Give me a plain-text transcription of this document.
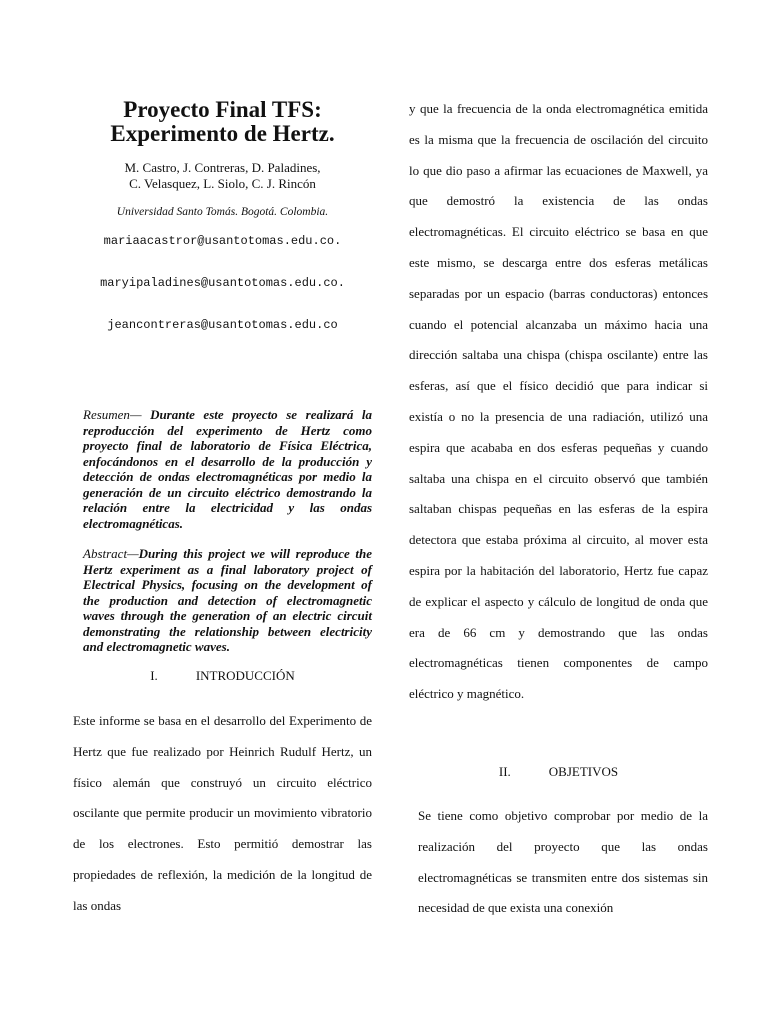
Proyecto Final TFS:
Experimento de Hertz.
M. Castro, J. Contreras, D. Paladines,
C. Velasquez, L. Siolo, C. J. Rincón
Universidad Santo Tomás. Bogotá. Colombia.
mariaacastror@usantotomas.edu.co.
maryipaladines@usantotomas.edu.co.
jeancontreras@usantotomas.edu.co

Resumen— Durante este proyecto se realizará la reproducción del experimento de Hertz como proyecto final de laboratorio de Física Eléctrica, enfocándonos en el desarrollo de la producción y detección de ondas electromagnéticas por medio la generación de un circuito eléctrico demostrando la relación entre la electricidad y las ondas electromagnéticas.

Abstract—During this project we will reproduce the Hertz experiment as a final laboratory project of Electrical Physics, focusing on the development of the production and detection of electromagnetic waves through the generation of an electric circuit demonstrating the relationship between electricity and electromagnetic waves.

I.	INTRODUCCIÓN

Este informe se basa en el desarrollo del Experimento de Hertz que fue realizado por Heinrich Rudulf Hertz, un físico alemán que construyó un circuito eléctrico oscilante que permite producir un movimiento vibratorio de los electrones. Esto permitió demostrar las propiedades de reflexión, la medición de la longitud de las ondas

y que la frecuencia de la onda electromagnética emitida es la misma que la frecuencia de oscilación del circuito lo que dio paso a afirmar las ecuaciones de Maxwell, ya que demostró la existencia de las ondas electromagnéticas. El circuito eléctrico se basa en que este mismo, se descarga entre dos esferas metálicas separadas por un espacio (barras conductoras) entonces cuando el potencial alcanzaba un máximo hacia una dirección saltaba una chispa (chispa oscilante) entre las esferas, así que el físico decidió que para indicar si existía o no la presencia de una radiación, utilizó una espira que acababa en dos esferas pequeñas y cuando saltaba una chispa en el circuito observó que también saltaban chispas pequeñas en las esferas de la espira detectora que estaba próxima al circuito, al mover esta espira por la habitación del laboratorio, Hertz fue capaz de explicar el aspecto y cálculo de longitud de onda que era de 66 cm y demostrando que las ondas electromagnéticas tienen componentes de campo eléctrico y magnético.

II.	OBJETIVOS

Se tiene como objetivo comprobar por medio de la realización del proyecto que las ondas electromagnéticas se transmiten entre dos sistemas sin necesidad de que exista una conexión
